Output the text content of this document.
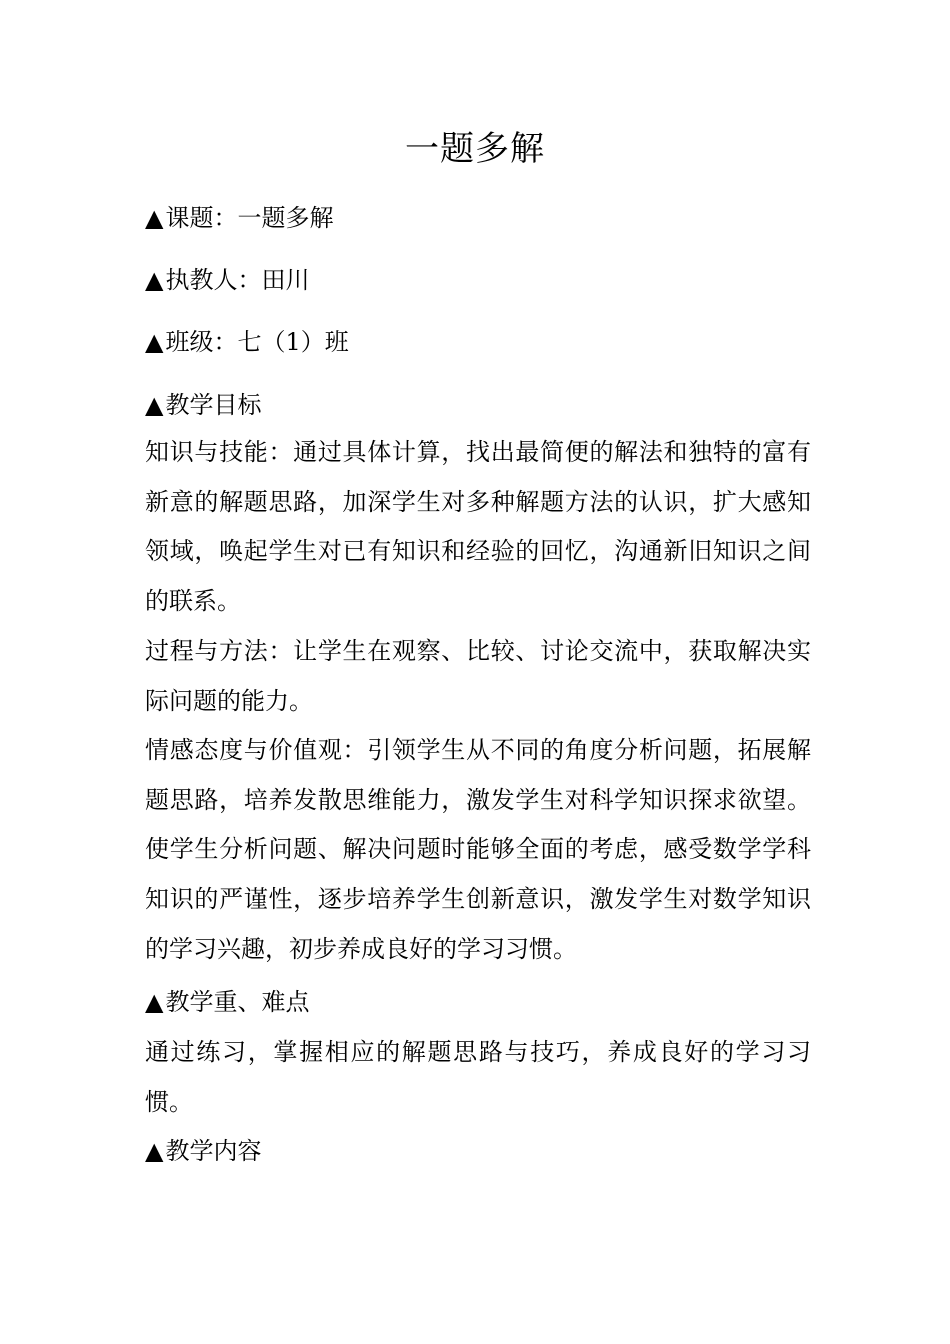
一题多解
▲课题：一题多解
▲执教人：田川
▲班级：七（1）班
▲教学目标
知识与技能：通过具体计算，找出最简便的解法和独特的富有新意的解题思路，加深学生对多种解题方法的认识，扩大感知领域，唤起学生对已有知识和经验的回忆，沟通新旧知识之间的联系。
过程与方法：让学生在观察、比较、讨论交流中，获取解决实际问题的能力。
情感态度与价值观：引领学生从不同的角度分析问题，拓展解题思路，培养发散思维能力，激发学生对科学知识探求欲望。使学生分析问题、解决问题时能够全面的考虑，感受数学学科知识的严谨性，逐步培养学生创新意识，激发学生对数学知识的学习兴趣，初步养成良好的学习习惯。
▲教学重、难点
通过练习，掌握相应的解题思路与技巧，养成良好的学习习惯。
▲教学内容
